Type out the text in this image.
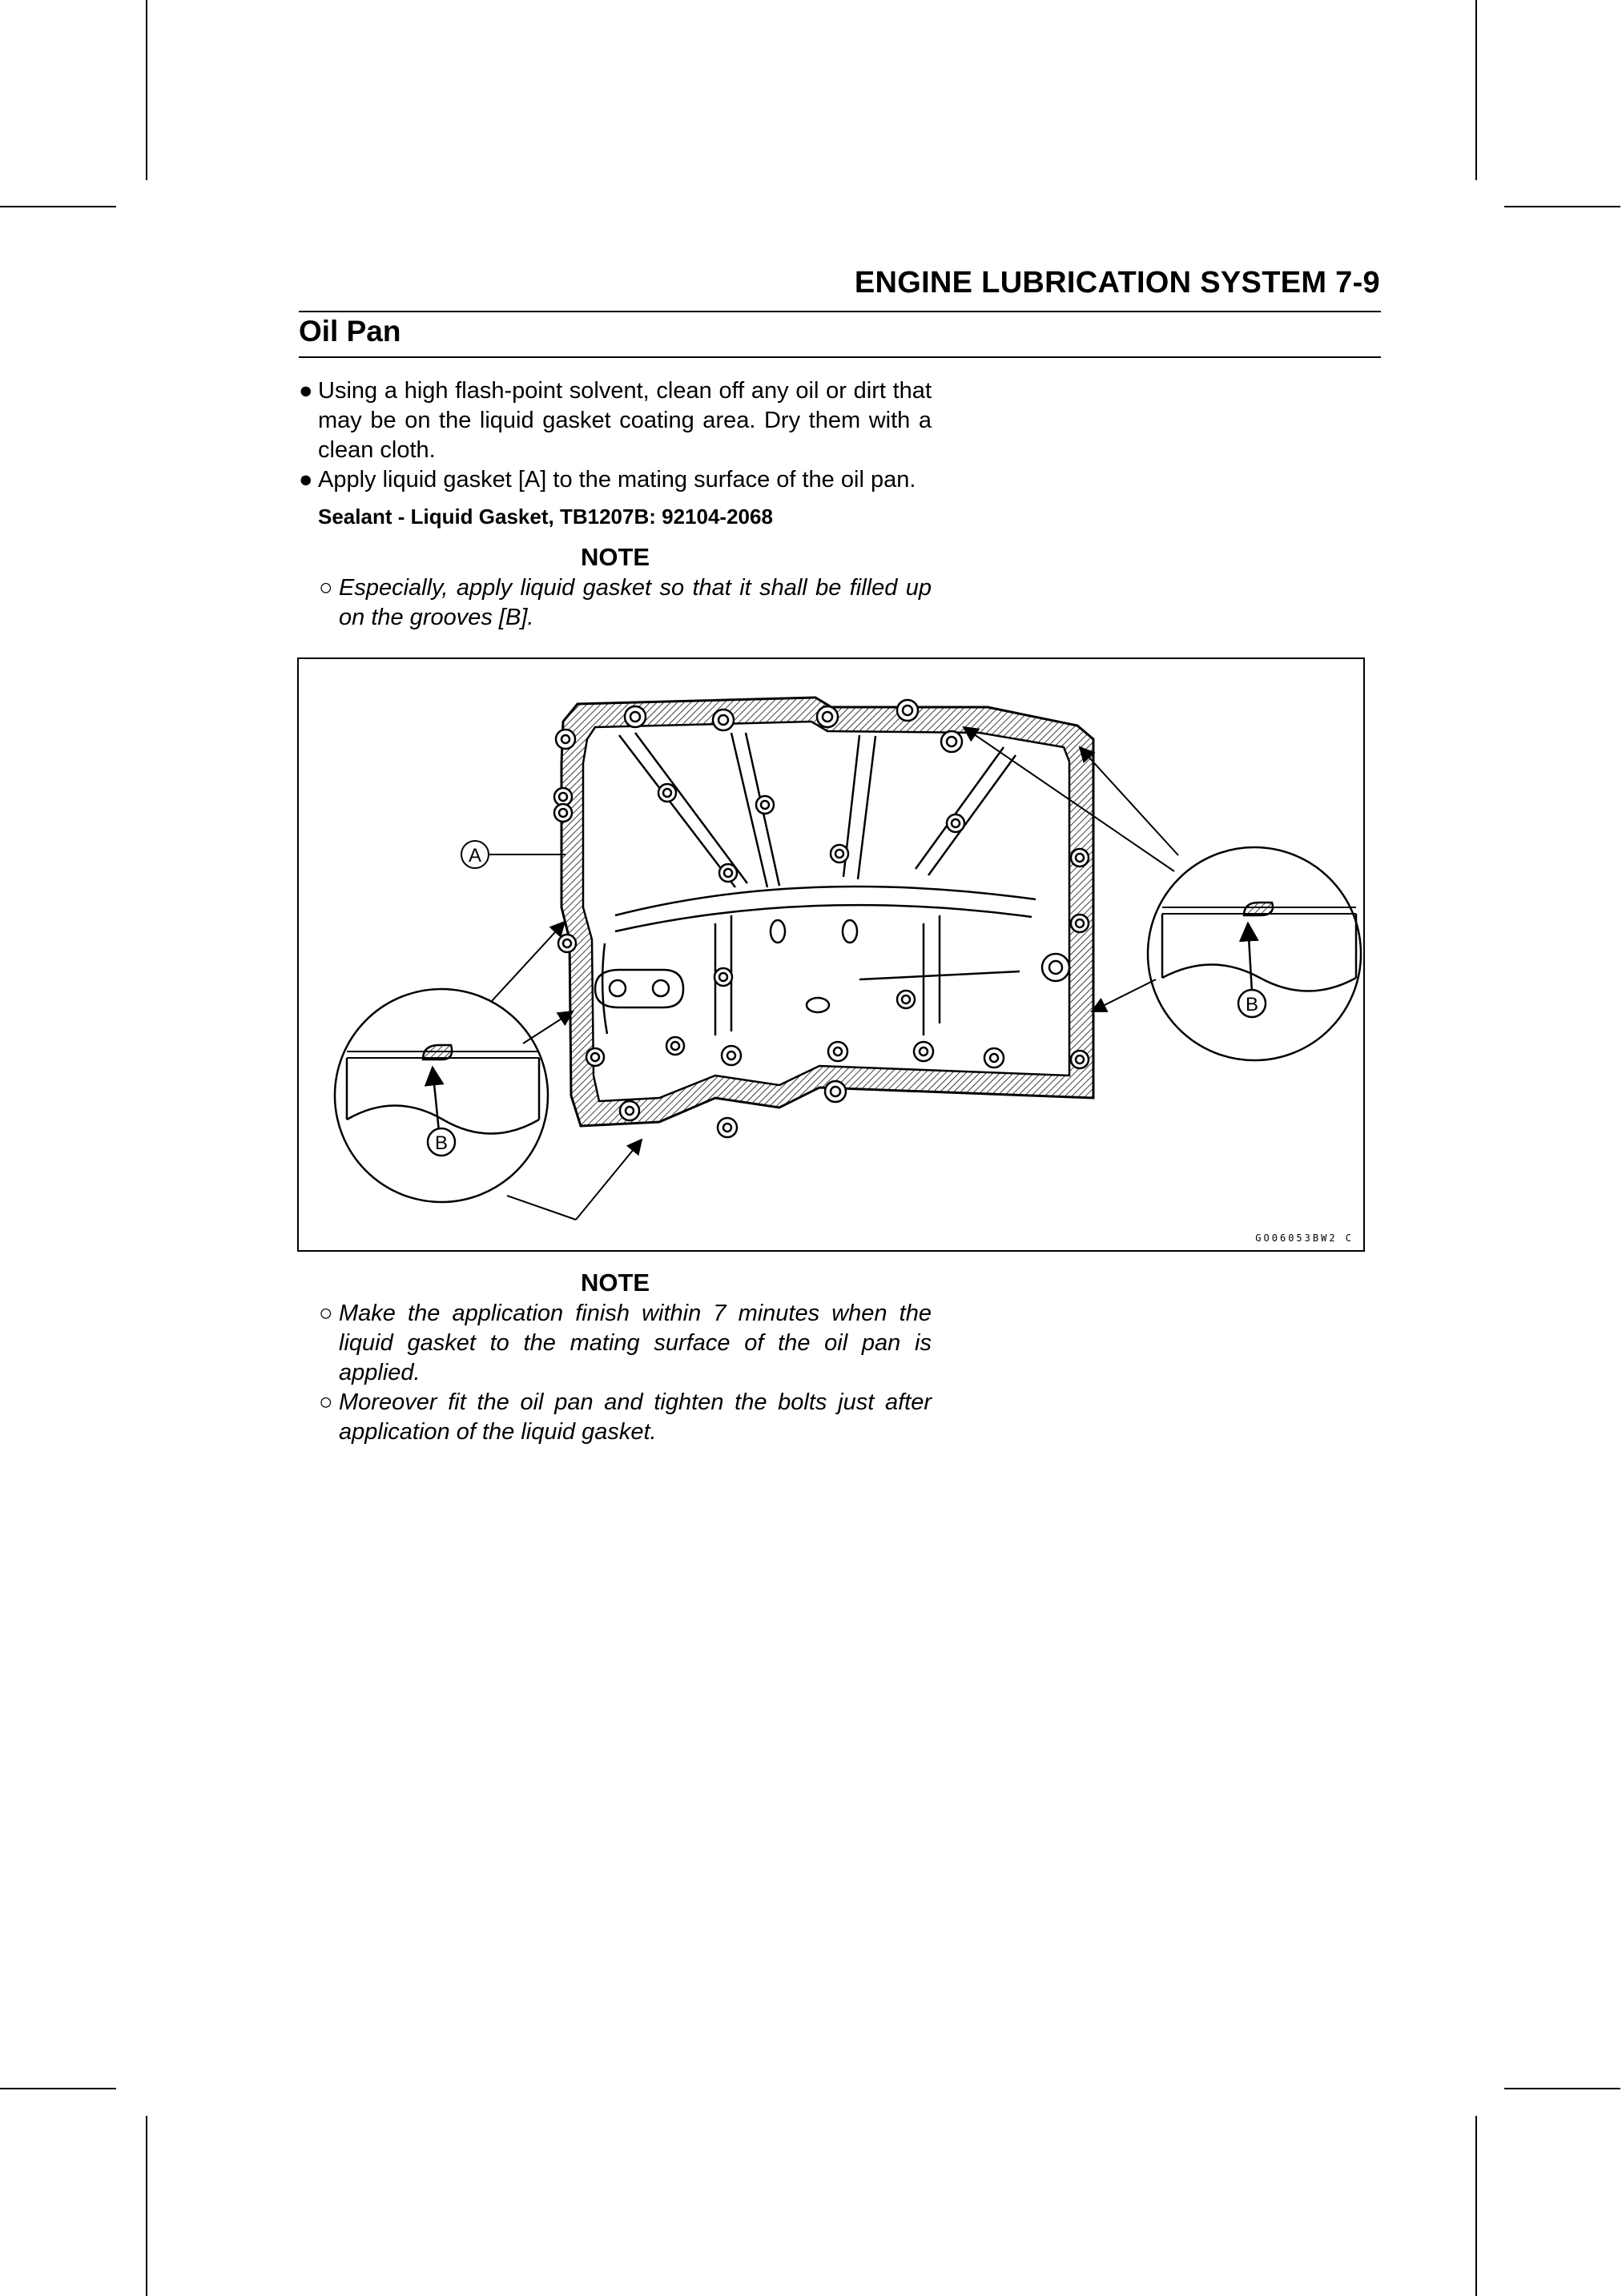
ENGINE LUBRICATION SYSTEM 7-9
Oil Pan
● Using a high flash-point solvent, clean off any oil or dirt that may be on the liquid gasket coating area. Dry them with a clean cloth.
● Apply liquid gasket [A] to the mating surface of the oil pan.
Sealant - Liquid Gasket, TB1207B: 92104-2068
NOTE
○ Especially, apply liquid gasket so that it shall be filled up on the grooves [B].
A
B
B
GO06053BW2 C
NOTE
○ Make the application finish within 7 minutes when the liquid gasket to the mating surface of the oil pan is applied.
○ Moreover fit the oil pan and tighten the bolts just after application of the liquid gasket.
